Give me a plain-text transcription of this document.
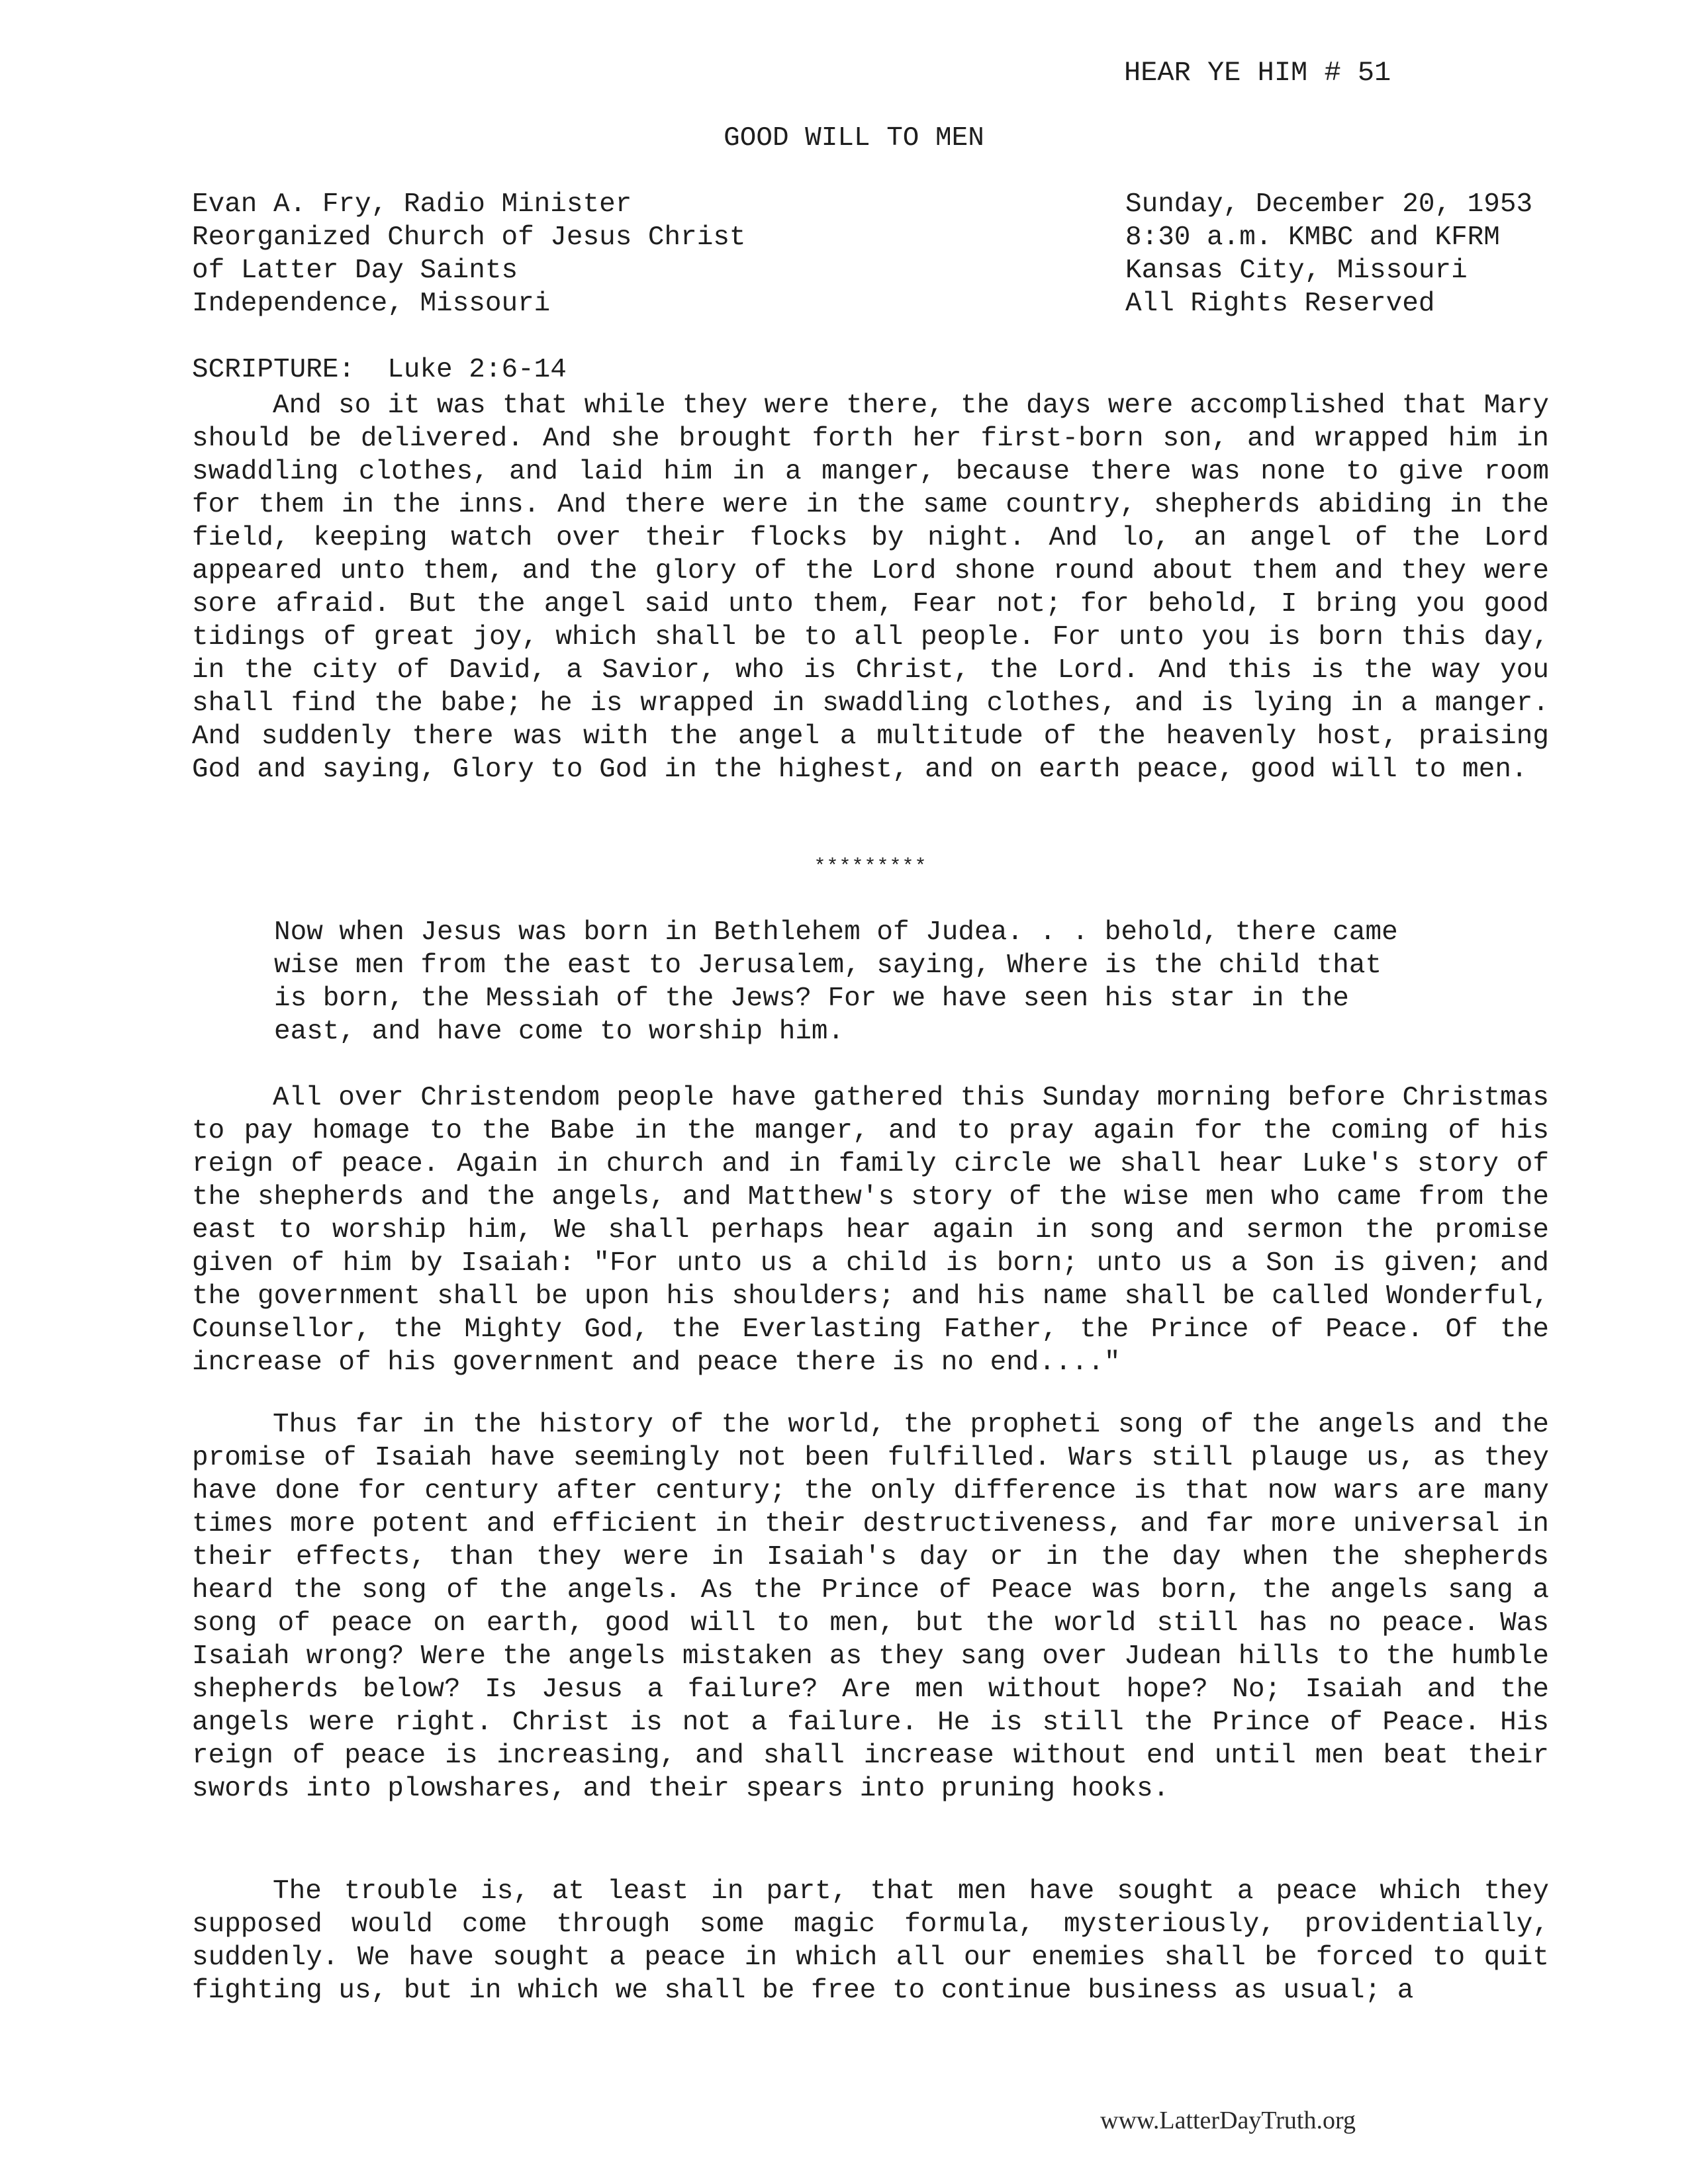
HEAR YE HIM # 51
GOOD WILL TO MEN
Evan A. Fry, Radio Minister
Reorganized Church of Jesus Christ
of Latter Day Saints
Independence, Missouri
Sunday, December 20, 1953
8:30 a.m. KMBC and KFRM
Kansas City, Missouri
All Rights Reserved
SCRIPTURE:  Luke 2:6-14

And so it was that while they were there, the days were accomplished that Mary should be delivered. And she brought forth her first-born son, and wrapped him in swaddling clothes, and laid him in a manger, because there was none to give room for them in the inns. And there were in the same country, shepherds abiding in the field, keeping watch over their flocks by night. And lo, an angel of the Lord appeared unto them, and the glory of the Lord shone round about them and they were sore afraid. But the angel said unto them, Fear not; for behold, I bring you good tidings of great joy, which shall be to all people. For unto you is born this day, in the city of David, a Savior, who is Christ, the Lord. And this is the way you shall find the babe; he is wrapped in swaddling clothes, and is lying in a manger. And suddenly there was with the angel a multitude of the heavenly host, praising God and saying, Glory to God in the highest, and on earth peace, good will to men.

*********

Now when Jesus was born in Bethlehem of Judea. . . behold, there came wise men from the east to Jerusalem, saying, Where is the child that is born, the Messiah of the Jews? For we have seen his star in the east, and have come to worship him.

All over Christendom people have gathered this Sunday morning before Christmas to pay homage to the Babe in the manger, and to pray again for the coming of his reign of peace. Again in church and in family circle we shall hear Luke's story of the shepherds and the angels, and Matthew's story of the wise men who came from the east to worship him, We shall perhaps hear again in song and sermon the promise given of him by Isaiah: "For unto us a child is born; unto us a Son is given; and the government shall be upon his shoulders; and his name shall be called Wonderful, Counsellor, the Mighty God, the Everlasting Father, the Prince of Peace. Of the increase of his government and peace there is no end...."

Thus far in the history of the world, the propheti song of the angels and the promise of Isaiah have seemingly not been fulfilled. Wars still plauge us, as they have done for century after century; the only difference is that now wars are many times more potent and efficient in their destructiveness, and far more universal in their effects, than they were in Isaiah's day or in the day when the shepherds heard the song of the angels. As the Prince of Peace was born, the angels sang a song of peace on earth, good will to men, but the world still has no peace. Was Isaiah wrong? Were the angels mistaken as they sang over Judean hills to the humble shepherds below? Is Jesus a failure? Are men without hope? No; Isaiah and the angels were right. Christ is not a failure. He is still the Prince of Peace. His reign of peace is increasing, and shall increase without end until men beat their swords into plowshares, and their spears into pruning hooks.

The trouble is, at least in part, that men have sought a peace which they supposed would come through some magic formula, mysteriously, providentially, suddenly. We have sought a peace in which all our enemies shall be forced to quit fighting us, but in which we shall be free to continue business as usual; a

www.LatterDayTruth.org
